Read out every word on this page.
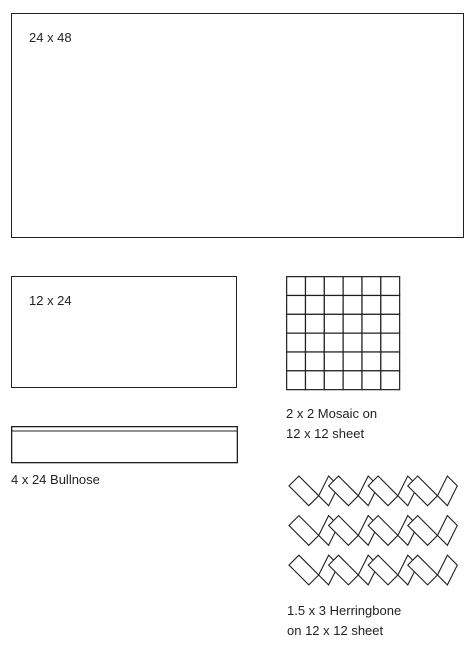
24 x 48
12 x 24
4 x 24 Bullnose
2 x 2 Mosaic on
12 x 12 sheet
1.5 x 3 Herringbone
on 12 x 12 sheet
